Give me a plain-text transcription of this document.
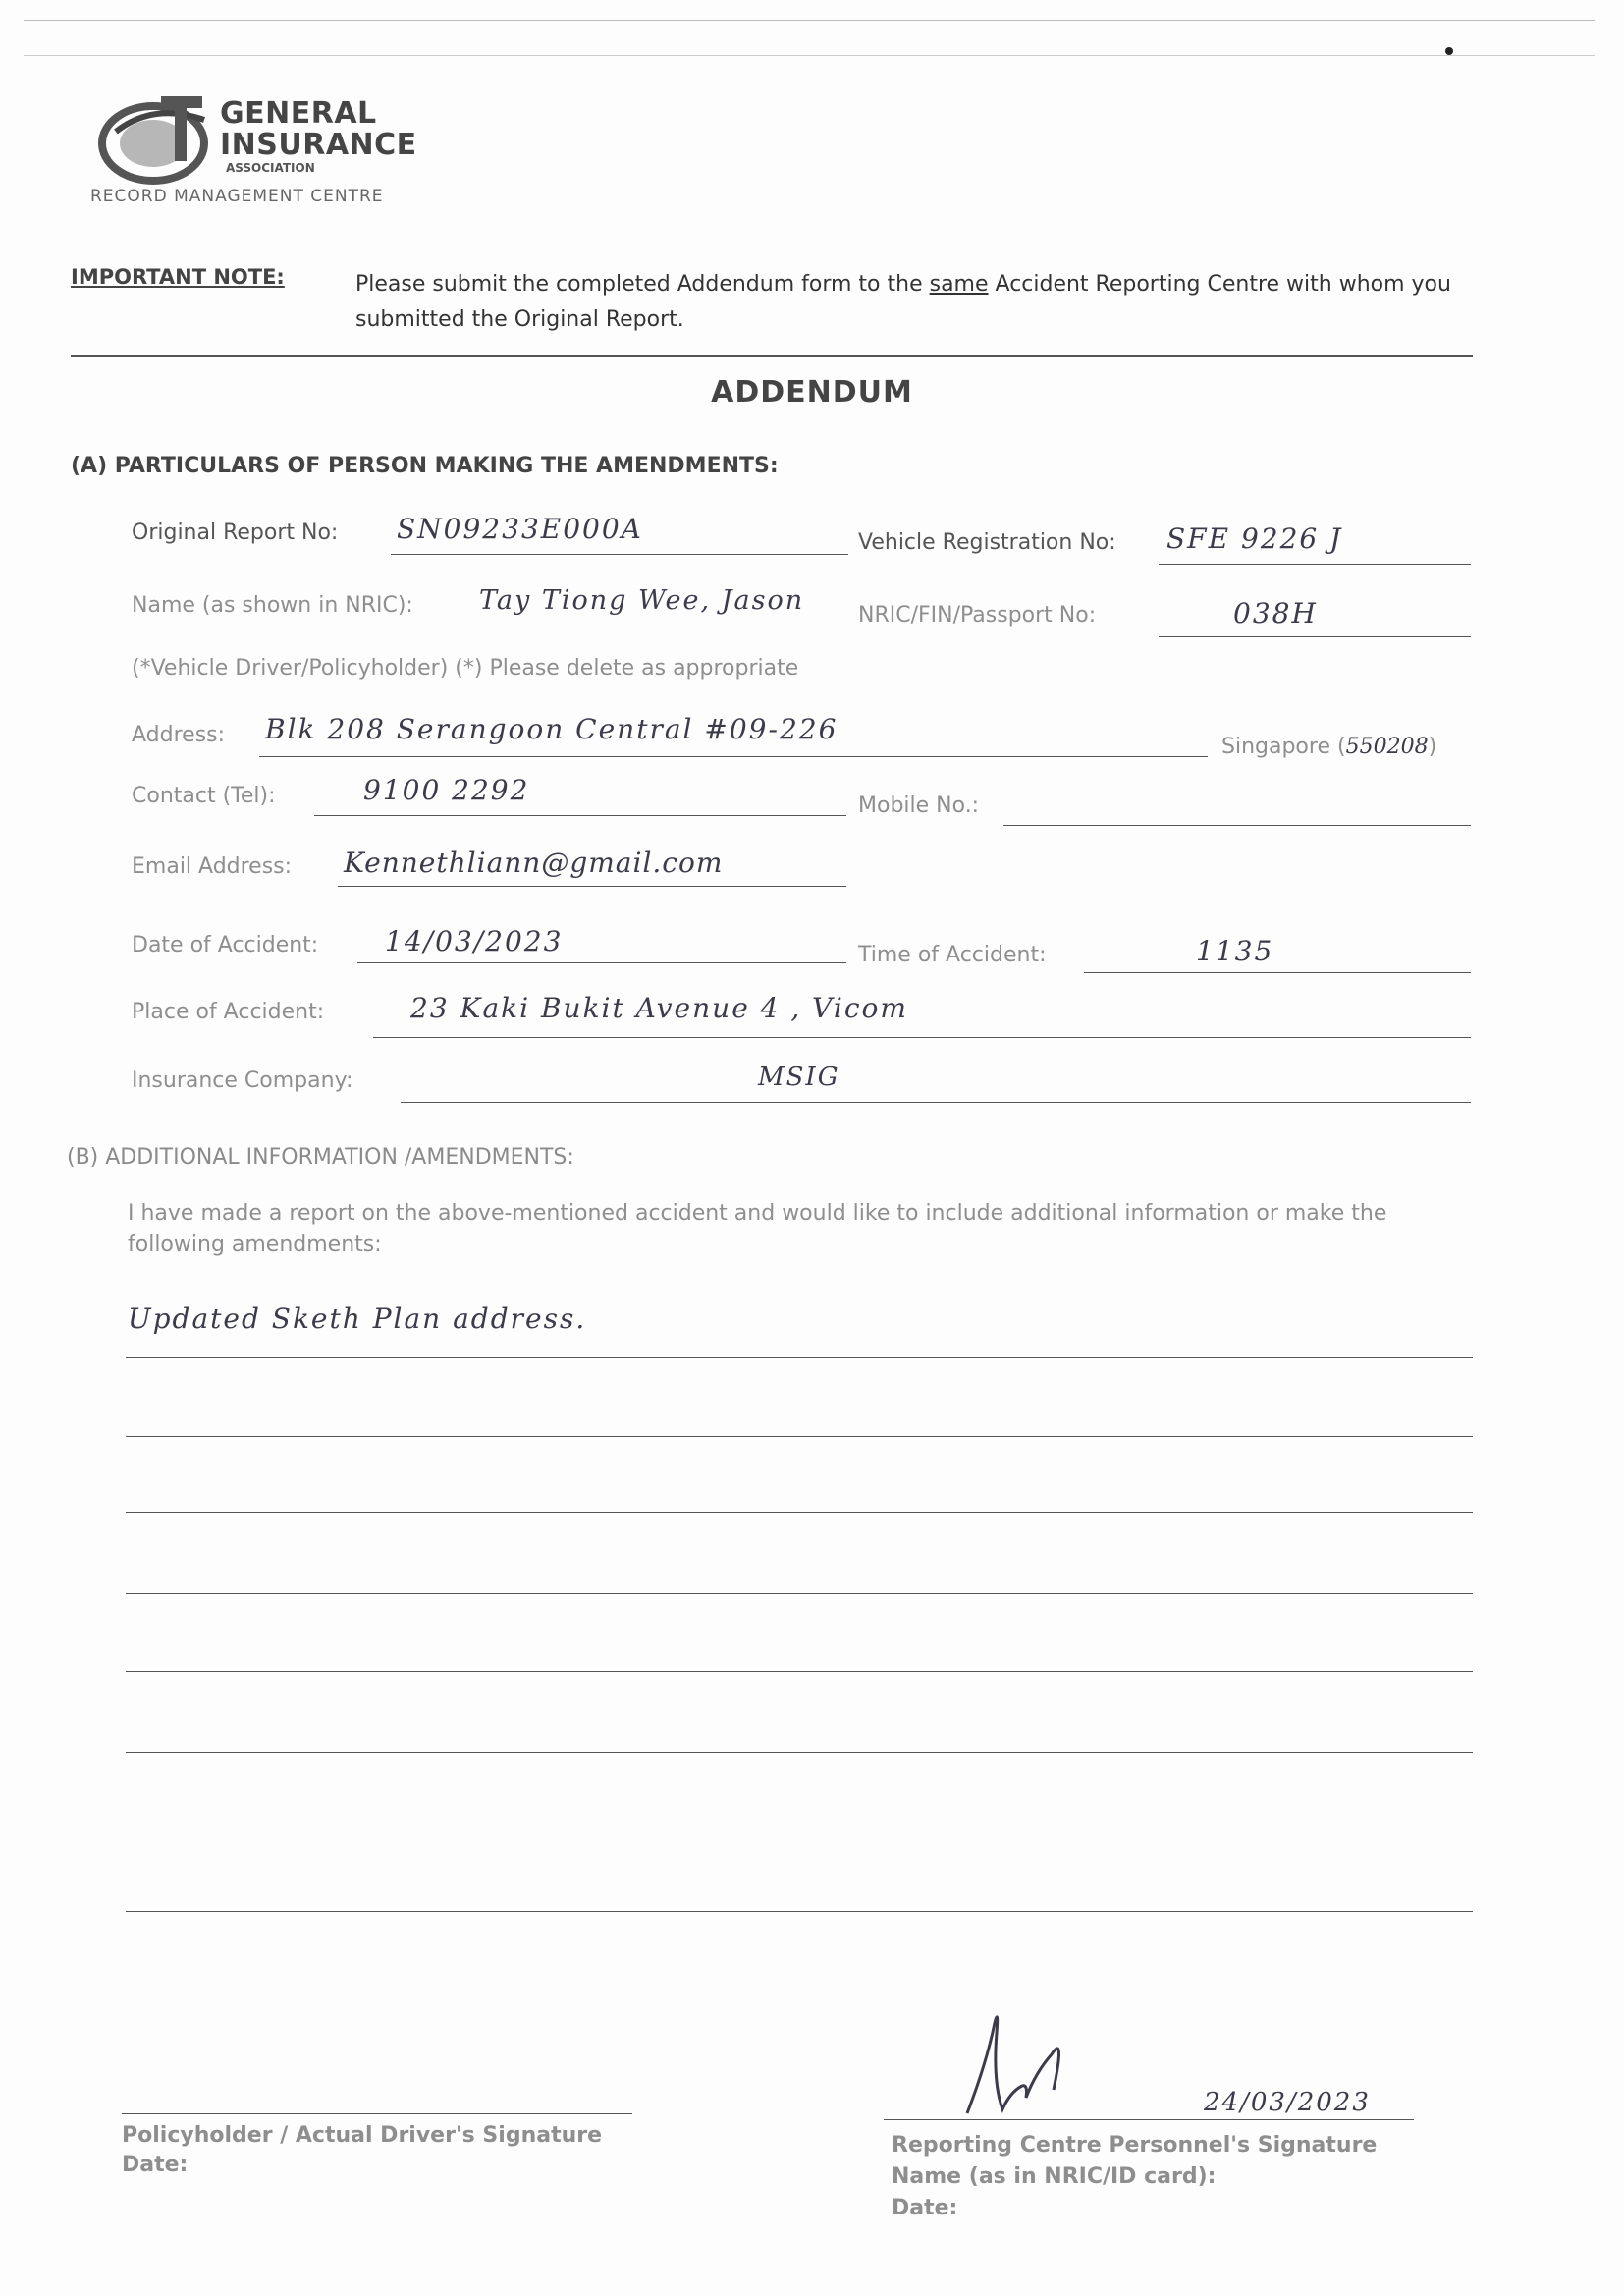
GENERAL
INSURANCE
ASSOCIATION
RECORD MANAGEMENT CENTRE
IMPORTANT NOTE:	Please submit the completed Addendum form to the same Accident Reporting Centre with whom you submitted the Original Report.
ADDENDUM
(A) PARTICULARS OF PERSON MAKING THE AMENDMENTS:
Original Report No: SN09233E000A	Vehicle Registration No: SFE 9226 J
Name (as shown in NRIC): Tay Tiong Wee, Jason NRIC/FIN/Passport No:	038H
(*Vehicle Driver/Policyholder) (*) Please delete as appropriate
Address: Blk 208 Serangoon Central #09-226
Singapore (550208)
Contact (Tel):	9100 2292	Mobile No.:
Email Address: Kennethliann@gmail.com
Date of Accident: 14/03/2023	Time of Accident:	1135
Place of Accident:	23 Kaki Bukit Avenue 4 , Vicom
Insurance Company:	MSIG
(B) ADDITIONAL INFORMATION /AMENDMENTS:
I have made a report on the above-mentioned accident and would like to include additional information or make the following amendments:
Updated Sketh Plan address.
Policyholder / Actual Driver's Signature
Date:
24/03/2023
Reporting Centre Personnel's Signature
Name (as in NRIC/ID card):
Date:
